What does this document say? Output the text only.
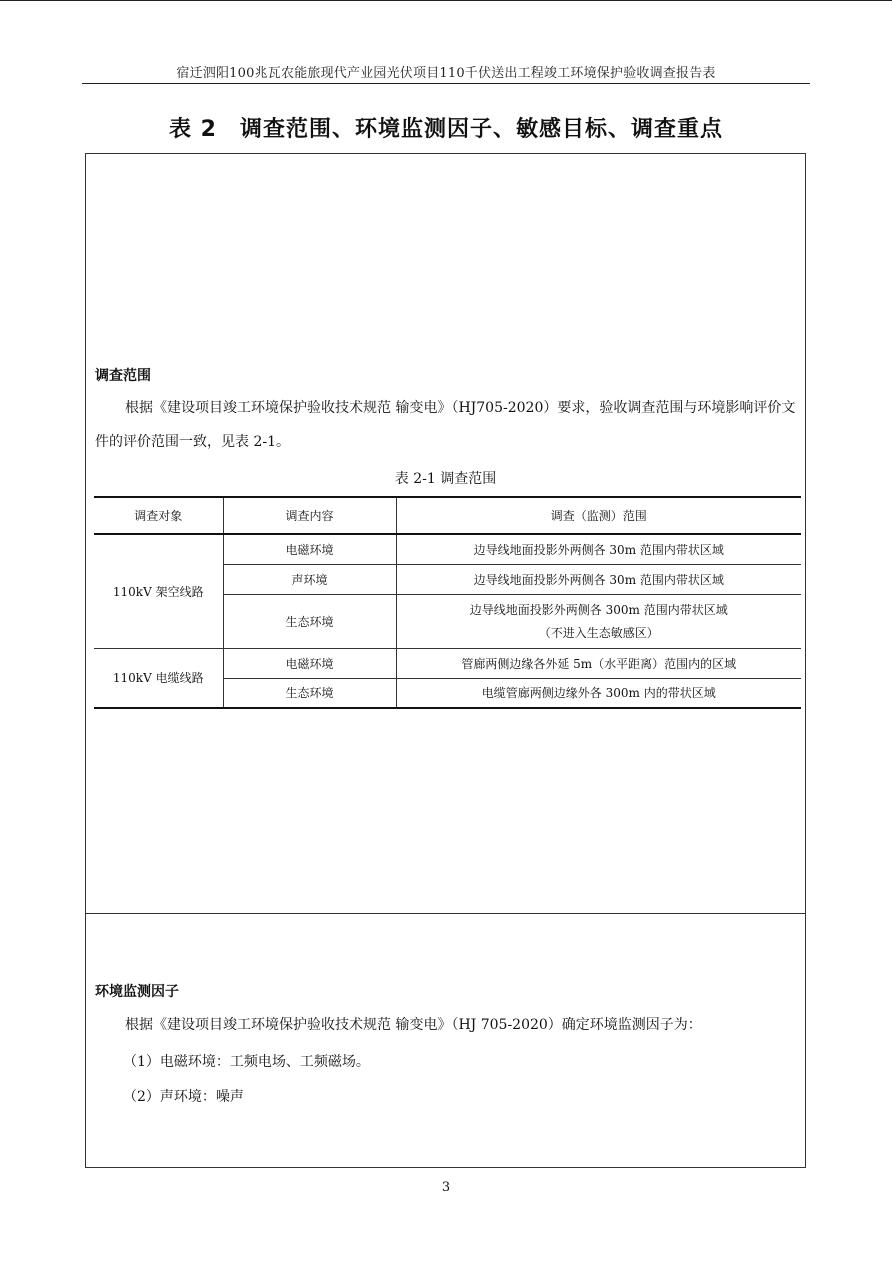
宿迁泗阳100兆瓦农能旅现代产业园光伏项目110千伏送出工程竣工环境保护验收调查报告表
表 2　调查范围、环境监测因子、敏感目标、调查重点
调查范围
根据《建设项目竣工环境保护验收技术规范 输变电》（HJ705-2020）要求，验收调查范围与环境影响评价文件的评价范围一致，见表 2-1。
表 2-1 调查范围
调查对象	调查内容	调查（监测）范围
110kV 架空线路	电磁环境	边导线地面投影外两侧各 30m 范围内带状区域
	声环境	边导线地面投影外两侧各 30m 范围内带状区域
	生态环境	边导线地面投影外两侧各 300m 范围内带状区域
（不进入生态敏感区）

110kV 电缆线路	电磁环境	管廊两侧边缘各外延 5m（水平距离）范围内的区域
	生态环境	电缆管廊两侧边缘外各 300m 内的带状区域
环境监测因子
根据《建设项目竣工环境保护验收技术规范 输变电》（HJ 705-2020）确定环境监测因子为：
（1）电磁环境：工频电场、工频磁场。
（2）声环境：噪声
3
